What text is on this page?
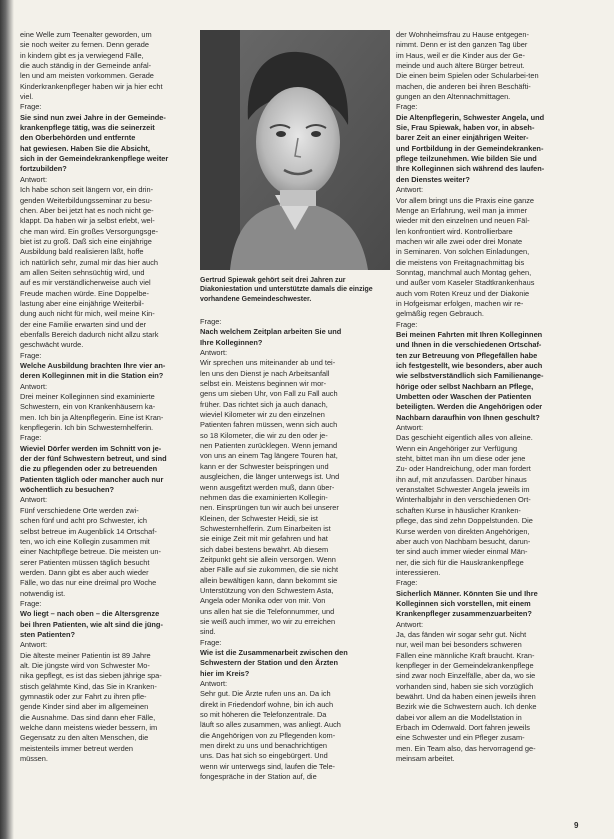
eine Welle zum Teenalter geworden, um

sie noch weiter zu fernen. Denn gerade

in kindern gibt es ja verwiegend Fälle,

die auch ständig in der Gemeinde anfal-

len und am meisten vorkommen. Gerade

Kinderkrankenpfleger haben wir ja hier echt

viel.

Frage:

Sie sind nun zwei Jahre in der Gemeinde-

krankenpflege tätig, was die seinerzeit

den Oberbehörden und entfernte

hat gewiesen. Haben Sie die Absicht,

sich in der Gemeindekrankenpflege weiter

fortzubilden?

Antwort:

Ich habe schon seit längern vor, ein drin-

genden Weiterbildungsseminar zu besu-

chen. Aber bei jetzt hat es noch nicht ge-

klappt. Da haben wir ja selbst erlebt, wel-

che man wird. Ein großes Versorgungsge-

biet ist zu groß. Daß sich eine einjährige

Ausbildung bald realisieren läßt, hoffe

ich natürlich sehr, zumal mir das hier auch

am allen Seiten sehnsüchtig wird, und

auf es mir verständlicherweise auch viel

Freude machen würde. Eine Doppelbe-

lastung aber eine einjährige Weiterbil-

dung auch nicht für mich, weil meine Kin-

der eine Familie erwarten sind und der

ebenfalls Bereich dadurch nicht allzu stark

geschwächt wurde.

Frage:

Welche Ausbildung brachten Ihre vier an-

deren Kolleginnen mit in die Station ein?

Antwort:

Drei meiner Kolleginnen sind examinierte

Schwestern, ein von Krankenhäusern ka-

men. Ich bin ja Altenpflegerin. Eine ist Kran-

kenpflegerin. Ich bin Schwesternhelferin.

Frage:

Wieviel Dörfer werden im Schnitt von je-

der der fünf Schwestern betreut, und sind

die zu pflegenden oder zu betreuenden

Patienten täglich oder mancher auch nur

wöchentlich zu besuchen?

Antwort:

Fünf verschiedene Orte werden zwi-

schen fünf und acht pro Schwester, ich

selbst betreue im Augenblick 14 Ortschaf-

ten, wo ich eine Kollegin zusammen mit

einer Nachtpflege betreue. Die meisten un-

serer Patienten müssen täglich besucht

werden. Dann gibt es aber auch wieder

Fälle, wo das nur eine dreimal pro Woche

notwendig ist.

Frage:

Wo liegt – nach oben – die Altersgrenze

bei Ihren Patienten, wie alt sind die jüng-

sten Patienten?

Antwort:

Die älteste meiner Patientin ist 89 Jahre

alt. Die jüngste wird von Schwester Mo-

nika gepflegt, es ist das sieben jährige spa-

stisch gelähmte Kind, das Sie in Kranken-

gymnastik oder zur Fahrt zu ihren pfle-

gende Kinder sind aber im allgemeinen

die Ausnahme. Das sind dann eher Fälle,

welche dann meistens wieder bessern, im

Gegensatz zu den alten Menschen, die

meistenteils immer betreut werden

müssen.

Gertrud Spiewak gehört seit drei Jahren zur Diakoniestation und unterstützte damals die einzige vorhandene Gemeindeschwester.

Frage:

Nach welchem Zeitplan arbeiten Sie und

Ihre Kolleginnen?

Antwort:

Wir sprechen uns miteinander ab und tei-

len uns den Dienst je nach Arbeitsanfall

selbst ein. Meistens beginnen wir mor-

gens um sieben Uhr, von Fall zu Fall auch

früher. Das richtet sich ja auch danach,

wieviel Kilometer wir zu den einzelnen

Patienten fahren müssen, wenn sich auch

so 18 Kilometer, die wir zu den oder je-

nen Patienten zurücklegen. Wenn jemand

von uns an einem Tag längere Touren hat,

kann er der Schwester beispringen und

ausgleichen, die länger unterwegs ist. Und

wenn ausgefitzt werden muß, dann über-

nehmen das die examinierten Kollegin-

nen. Einsprüngen tun wir auch bei unserer

Kleinen, der Schwester Heidi, sie ist

Schwesternhelferin. Zum Einarbeiten ist

sie einige Zeit mit mir gefahren und hat

sich dabei bestens bewährt. Ab diesem

Zeitpunkt geht sie allein versorgen. Wenn

aber Fälle auf sie zukommen, die sie nicht

allein bewältigen kann, dann bekommt sie

Unterstützung von den Schwestern Asta,

Angela oder Monika oder von mir. Von

uns allen hat sie die Telefonnummer, und

sie weiß auch immer, wo wir zu erreichen

sind.

Frage:

Wie ist die Zusammenarbeit zwischen den

Schwestern der Station und den Ärzten

hier im Kreis?

Antwort:

Sehr gut. Die Ärzte rufen uns an. Da ich

direkt in Friedendorf wohne, bin ich auch

so mit höheren die Telefonzentrale. Da

läuft so alles zusammen, was anliegt. Auch

die Angehörigen von zu Pflegenden kom-

men direkt zu uns und benachrichtigen

uns. Das hat sich so eingebürgert. Und

wenn wir unterwegs sind, laufen die Tele-

fongespräche in der Station auf, die

der Wohnheimsfrau zu Hause entgegen-

nimmt. Denn er ist den ganzen Tag über

im Haus, weil er die Kinder aus der Ge-

meinde und auch ältere Bürger betreut.

Die einen beim Spielen oder Schularbei-ten

machen, die anderen bei ihren Beschäfti-

gungen an den Altennachmittagen.

Frage:

Die Altenpflegerin, Schwester Angela, und

Sie, Frau Spiewak, haben vor, in abseh-

barer Zeit an einer einjährigen Weiter-

und Fortbildung in der Gemeindekranken-

pflege teilzunehmen. Wie bilden Sie und

Ihre Kolleginnen sich während des laufen-

den Dienstes weiter?

Antwort:

Vor allem bringt uns die Praxis eine ganze

Menge an Erfahrung, weil man ja immer

wieder mit den einzelnen und neuen Fäl-

len konfrontiert wird. Kontrollierbare

machen wir alle zwei oder drei Monate

in Seminaren. Von solchen Einladungen,

die meistens von Freitagnachmittag bis

Sonntag, manchmal auch Montag gehen,

und außer vom Kaseler Stadtkrankenhaus

auch vom Roten Kreuz und der Diakonie

in Hofgeismar erfolgen, machen wir re-

gelmäßig regen Gebrauch.

Frage:

Bei meinen Fahrten mit Ihren Kolleginnen

und Ihnen in die verschiedenen Ortschaf-

ten zur Betreuung von Pflegefällen habe

ich festgestellt, wie besonders, aber auch

wie selbstverständlich sich Familienange-

hörige oder selbst Nachbarn an Pflege,

Umbetten oder Waschen der Patienten

beteiligten. Werden die Angehörigen oder

Nachbarn daraufhin von Ihnen geschult?

Antwort:

Das geschieht eigentlich alles von alleine.

Wenn ein Angehöriger zur Verfügung

steht, bittet man ihn um diese oder jene

Zu- oder Handreichung, oder man fordert

ihn auf, mit anzufassen. Darüber hinaus

veranstaltet Schwester Angela jeweils im

Winterhalbjahr in den verschiedenen Ort-

schaften Kurse in häuslicher Kranken-

pflege, das sind zehn Doppelstunden. Die

Kurse werden von direkten Angehörigen,

aber auch von Nachbarn besucht, darun-

ter sind auch immer wieder einmal Män-

ner, die sich für die Hauskrankenpflege

interessieren.

Frage:

Sicherlich Männer. Könnten Sie und Ihre

Kolleginnen sich vorstellen, mit einem

Krankenpfleger zusammenzuarbeiten?

Antwort:

Ja, das fänden wir sogar sehr gut. Nicht

nur, weil man bei besonders schweren

Fällen eine männliche Kraft braucht. Kran-

kenpfleger in der Gemeindekrankenpflege

sind zwar noch Einzelfälle, aber da, wo sie

vorhanden sind, haben sie sich vorzüglich

bewährt. Und da haben einen jeweils ihren

Bezirk wie die Schwestern auch. Ich denke

dabei vor allem an die Modellstation in

Erbach im Odenwald. Dort fahren jeweils

eine Schwester und ein Pfleger zusam-

men. Ein Team also, das hervorragend ge-

meinsam arbeitet.

9
